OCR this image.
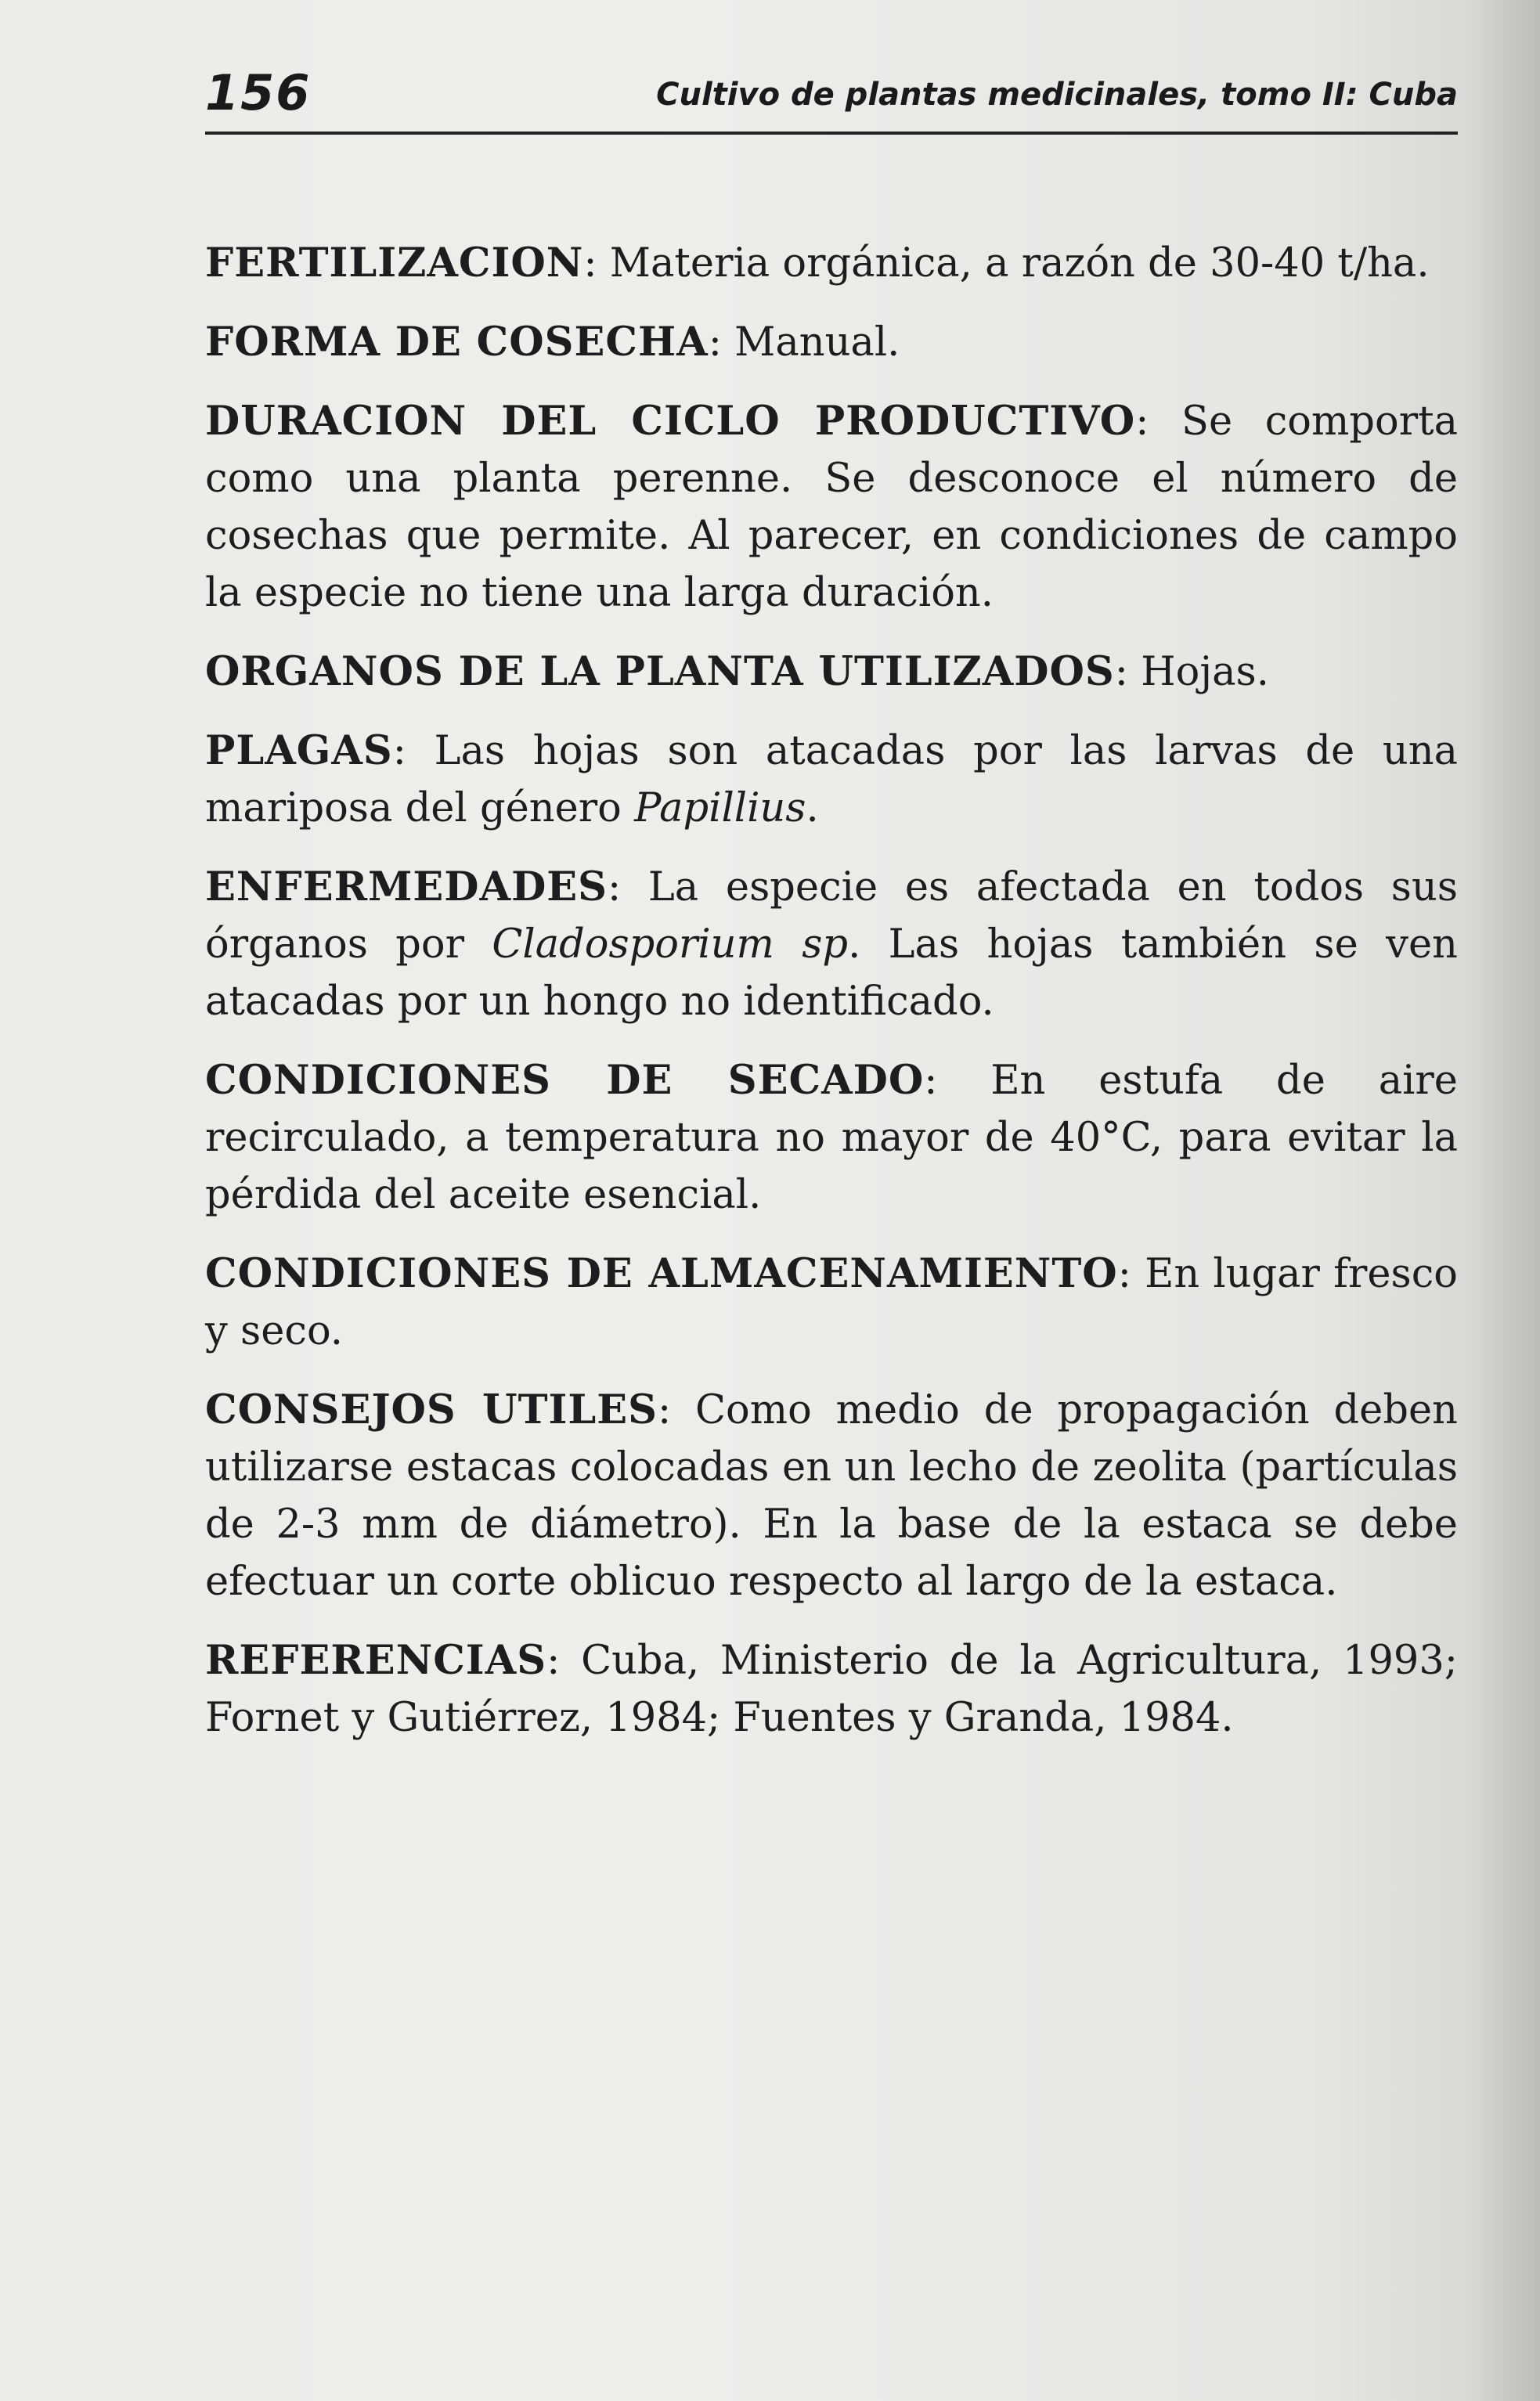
156	Cultivo de plantas medicinales, tomo II: Cuba

FERTILIZACION: Materia orgánica, a razón de 30-40 t/ha.

FORMA DE COSECHA: Manual.

DURACION DEL CICLO PRODUCTIVO: Se comporta como una planta perenne. Se desconoce el número de cosechas que permite. Al parecer, en condiciones de campo la especie no tiene una larga duración.

ORGANOS DE LA PLANTA UTILIZADOS: Hojas.

PLAGAS: Las hojas son atacadas por las larvas de una mariposa del género Papillius.

ENFERMEDADES: La especie es afectada en todos sus órganos por Cladosporium sp. Las hojas también se ven atacadas por un hongo no identificado.

CONDICIONES DE SECADO: En estufa de aire recirculado, a temperatura no mayor de 40°C, para evitar la pérdida del aceite esencial.

CONDICIONES DE ALMACENAMIENTO: En lugar fresco y seco.

CONSEJOS UTILES: Como medio de propagación deben utilizarse estacas colocadas en un lecho de zeolita (partículas de 2-3 mm de diámetro). En la base de la estaca se debe efectuar un corte oblicuo respecto al largo de la estaca.

REFERENCIAS: Cuba, Ministerio de la Agricultura, 1993; Fornet y Gutiérrez, 1984; Fuentes y Granda, 1984.
